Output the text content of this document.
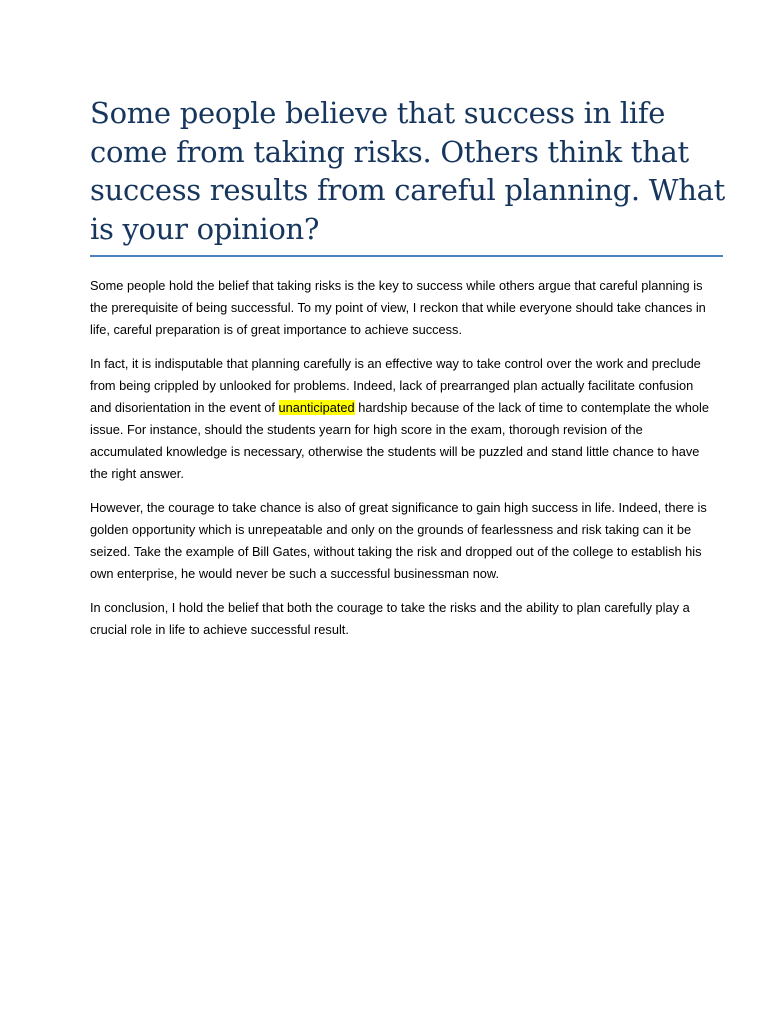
Some people believe that success in life come from taking risks. Others think that success results from careful planning. What is your opinion?

Some people hold the belief that taking risks is the key to success while others argue that careful planning is the prerequisite of being successful. To my point of view, I reckon that while everyone should take chances in life, careful preparation is of great importance to achieve success.

In fact, it is indisputable that planning carefully is an effective way to take control over the work and preclude from being crippled by unlooked for problems. Indeed, lack of prearranged plan actually facilitate confusion and disorientation in the event of unanticipated hardship because of the lack of time to contemplate the whole issue. For instance, should the students yearn for high score in the exam, thorough revision of the accumulated knowledge is necessary, otherwise the students will be puzzled and stand little chance to have the right answer.

However, the courage to take chance is also of great significance to gain high success in life. Indeed, there is golden opportunity which is unrepeatable and only on the grounds of fearlessness and risk taking can it be seized. Take the example of Bill Gates, without taking the risk and dropped out of the college to establish his own enterprise, he would never be such a successful businessman now.

In conclusion, I hold the belief that both the courage to take the risks and the ability to plan carefully play a crucial role in life to achieve successful result.
